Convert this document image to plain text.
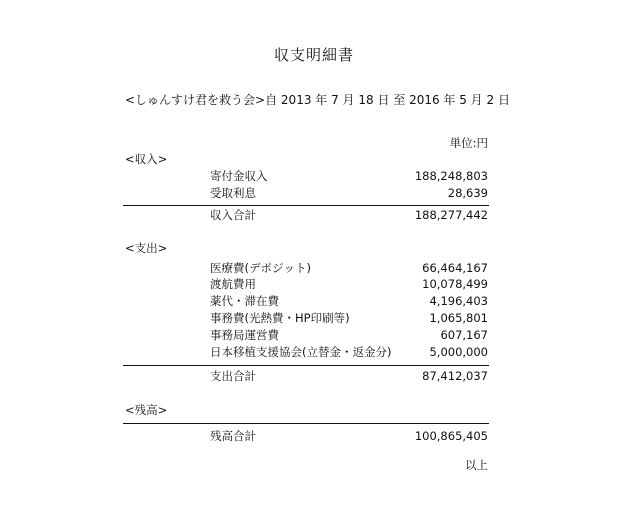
収支明細書
<しゅんすけ君を救う会>自 2013 年 7 月 18 日 至 2016 年 5 月 2 日
単位:円
<収入>
寄付金収入	188,248,803
受取利息	28,639
収入合計	188,277,442
<支出>
医療費(デポジット)	66,464,167
渡航費用	10,078,499
薬代・滞在費	4,196,403
事務費(光熱費・HP印刷等)	1,065,801
事務局運営費	607,167
日本移植支援協会(立替金・返金分)	5,000,000
支出合計	87,412,037
<残高>
残高合計	100,865,405
以上
